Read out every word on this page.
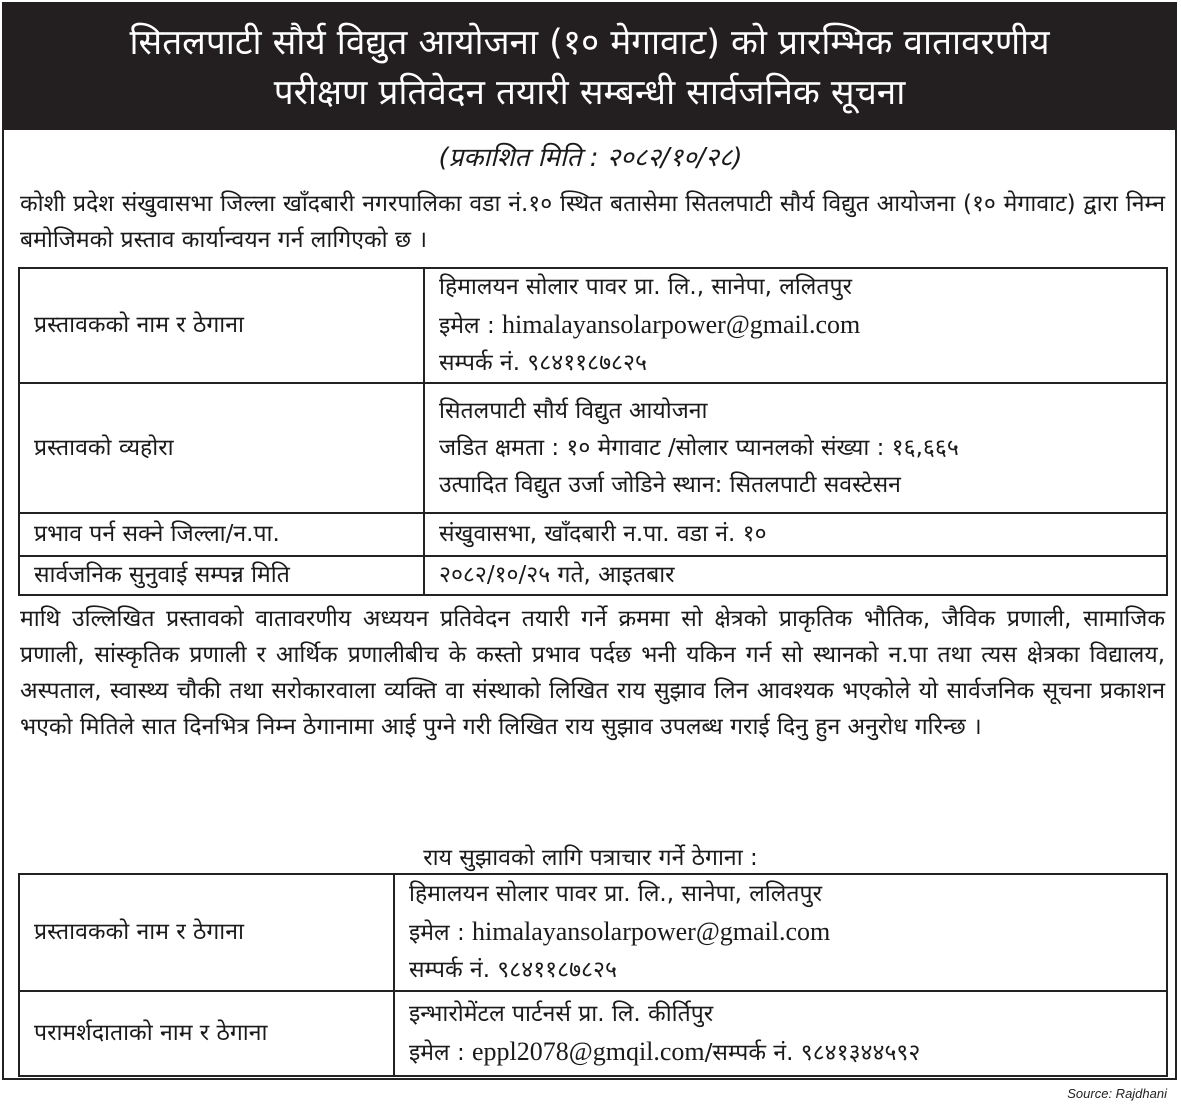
सितलपाटी सौर्य विद्युत आयोजना (१० मेगावाट) को प्रारम्भिक वातावरणीय
परीक्षण प्रतिवेदन तयारी सम्बन्धी सार्वजनिक सूचना
(प्रकाशित मिति : २०८२/१०/२८)
कोशी प्रदेश संखुवासभा जिल्ला खाँदबारी नगरपालिका वडा नं.१० स्थित बतासेमा सितलपाटी सौर्य विद्युत आयोजना (१० मेगावाट) द्वारा निम्न बमोजिमको प्रस्ताव कार्यान्वयन गर्न लागिएको छ ।
प्रस्तावकको नाम र ठेगाना	हिमालयन सोलार पावर प्रा. लि., सानेपा, ललितपुर
इमेल : himalayansolarpower@gmail.com
सम्पर्क नं. ९८४११८७८२५

प्रस्तावको व्यहोरा	सितलपाटी सौर्य विद्युत आयोजना
जडित क्षमता : १० मेगावाट /सोलार प्यानलको संख्या : १६,६६५
उत्पादित विद्युत उर्जा जोडिने स्थान: सितलपाटी सवस्टेसन

प्रभाव पर्न सक्ने जिल्ला/न.पा.	संखुवासभा, खाँदबारी न.पा. वडा नं. १०
सार्वजनिक सुनुवाई सम्पन्न मिति	२०८२/१०/२५ गते, आइतबार
माथि उल्लिखित प्रस्तावको वातावरणीय अध्ययन प्रतिवेदन तयारी गर्ने क्रममा सो क्षेत्रको प्राकृतिक भौतिक, जैविक प्रणाली, सामाजिक प्रणाली, सांस्कृतिक प्रणाली र आर्थिक प्रणालीबीच के कस्तो प्रभाव पर्दछ भनी यकिन गर्न सो स्थानको न.पा तथा त्यस क्षेत्रका विद्यालय, अस्पताल, स्वास्थ्य चौकी तथा सरोकारवाला व्यक्ति वा संस्थाको लिखित राय सुझाव लिन आवश्यक भएकोले यो सार्वजनिक सूचना प्रकाशन भएको मितिले सात दिनभित्र निम्न ठेगानामा आई पुग्ने गरी लिखित राय सुझाव उपलब्ध गराई दिनु हुन अनुरोध गरिन्छ ।
राय सुझावको लागि पत्राचार गर्ने ठेगाना :
प्रस्तावकको नाम र ठेगाना	हिमालयन सोलार पावर प्रा. लि., सानेपा, ललितपुर
इमेल : himalayansolarpower@gmail.com
सम्पर्क नं. ९८४११८७८२५

परामर्शदाताको नाम र ठेगाना	इन्भारोमेंटल पार्टनर्स प्रा. लि. कीर्तिपुर
इमेल : eppl2078@gmqil.com/सम्पर्क नं. ९८४१३४४५९२
Source: Rajdhani
